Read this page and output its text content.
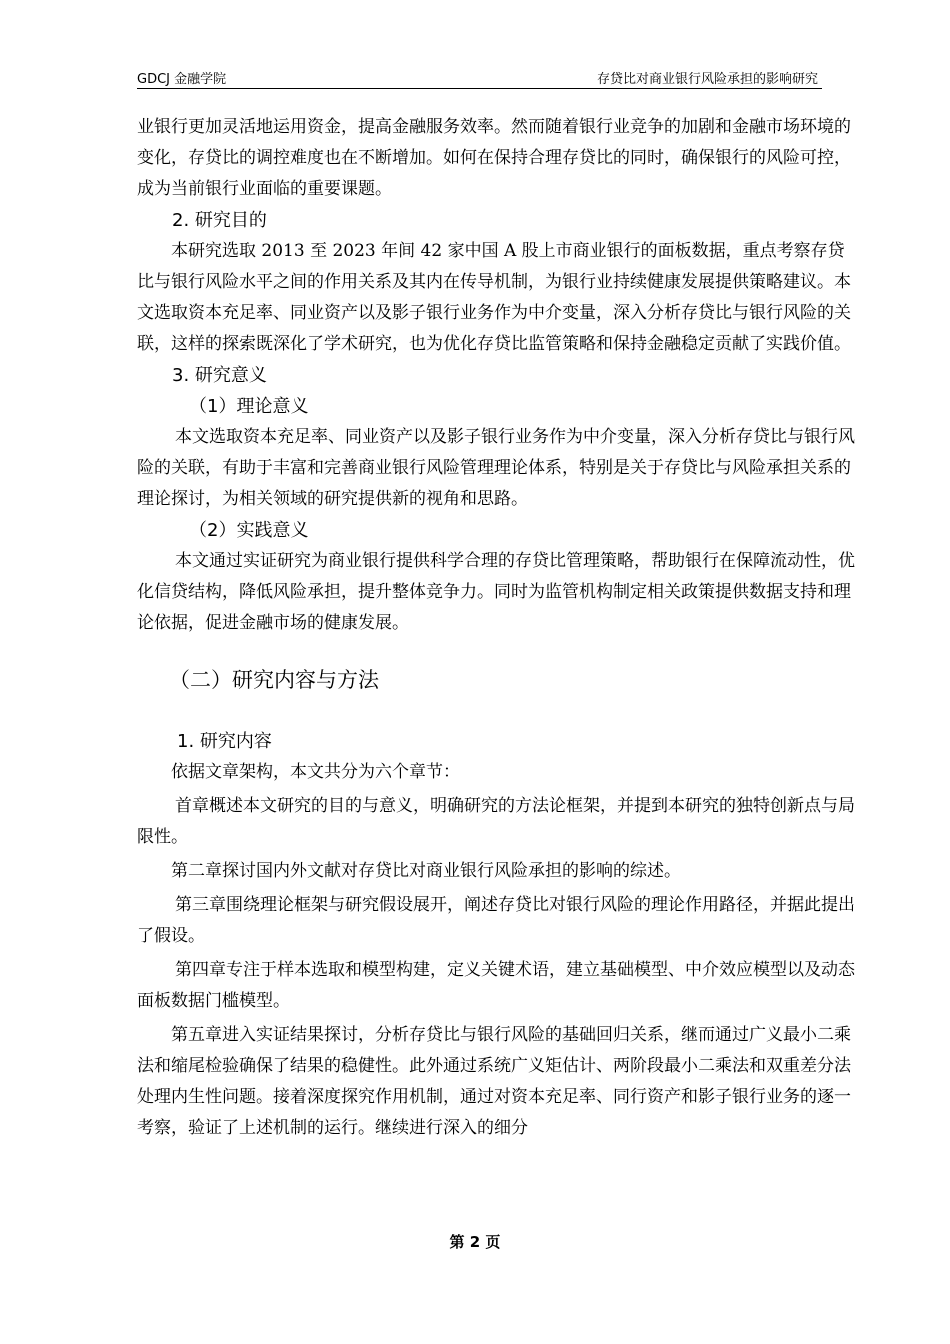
GDCJ 金融学院	存贷比对商业银行风险承担的影响研究

业银行更加灵活地运用资金，提高金融服务效率。然而随着银行业竞争的加剧和金融市场环境的变化，存贷比的调控难度也在不断增加。如何在保持合理存贷比的同时，确保银行的风险可控，成为当前银行业面临的重要课题。

2. 研究目的

本研究选取 2013 至 2023 年间 42 家中国 A 股上市商业银行的面板数据，重点考察存贷比与银行风险水平之间的作用关系及其内在传导机制，为银行业持续健康发展提供策略建议。本文选取资本充足率、同业资产以及影子银行业务作为中介变量，深入分析存贷比与银行风险的关联，这样的探索既深化了学术研究，也为优化存贷比监管策略和保持金融稳定贡献了实践价值。

3. 研究意义

（1）理论意义

本文选取资本充足率、同业资产以及影子银行业务作为中介变量，深入分析存贷比与银行风险的关联，有助于丰富和完善商业银行风险管理理论体系，特别是关于存贷比与风险承担关系的理论探讨，为相关领域的研究提供新的视角和思路。

（2）实践意义

本文通过实证研究为商业银行提供科学合理的存贷比管理策略，帮助银行在保障流动性，优化信贷结构，降低风险承担，提升整体竞争力。同时为监管机构制定相关政策提供数据支持和理论依据，促进金融市场的健康发展。

（二）研究内容与方法

1. 研究内容

依据文章架构，本文共分为六个章节：

首章概述本文研究的目的与意义，明确研究的方法论框架，并提到本研究的独特创新点与局限性。

第二章探讨国内外文献对存贷比对商业银行风险承担的影响的综述。

第三章围绕理论框架与研究假设展开，阐述存贷比对银行风险的理论作用路径，并据此提出了假设。

第四章专注于样本选取和模型构建，定义关键术语，建立基础模型、中介效应模型以及动态面板数据门槛模型。

第五章进入实证结果探讨，分析存贷比与银行风险的基础回归关系，继而通过广义最小二乘法和缩尾检验确保了结果的稳健性。此外通过系统广义矩估计、两阶段最小二乘法和双重差分法处理内生性问题。接着深度探究作用机制，通过对资本充足率、同行资产和影子银行业务的逐一考察，验证了上述机制的运行。继续进行深入的细分

第 2 页
